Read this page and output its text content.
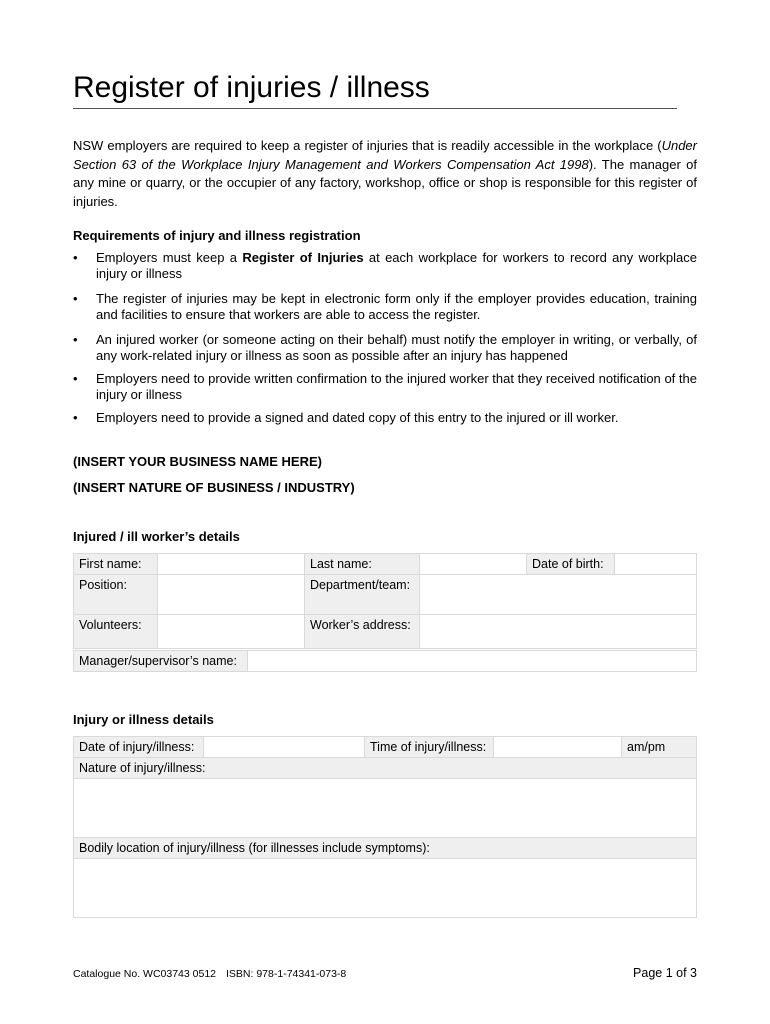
Register of injuries / illness

NSW employers are required to keep a register of injuries that is readily accessible in the workplace (Under Section 63 of the Workplace Injury Management and Workers Compensation Act 1998). The manager of any mine or quarry, or the occupier of any factory, workshop, office or shop is responsible for this register of injuries.

Requirements of injury and illness registration
• Employers must keep a Register of Injuries at each workplace for workers to record any workplace injury or illness
• The register of injuries may be kept in electronic form only if the employer provides education, training and facilities to ensure that workers are able to access the register.
• An injured worker (or someone acting on their behalf) must notify the employer in writing, or verbally, of any work-related injury or illness as soon as possible after an injury has happened
• Employers need to provide written confirmation to the injured worker that they received notification of the injury or illness
• Employers need to provide a signed and dated copy of this entry to the injured or ill worker.
(INSERT YOUR BUSINESS NAME HERE)
(INSERT NATURE OF BUSINESS / INDUSTRY)
Injured / ill worker’s details
First name:		Last name:		Date of birth:	
Position:		Department/team:			
Volunteers:		Worker’s address:			
Manager/supervisor’s name:	
Injury or illness details
Date of injury/illness:		Time of injury/illness:		am/pm
Nature of injury/illness:

Bodily location of injury/illness (for illnesses include symptoms):

Catalogue No. WC03743 0512 ISBN: 978-1-74341-073-8	Page 1 of 3
